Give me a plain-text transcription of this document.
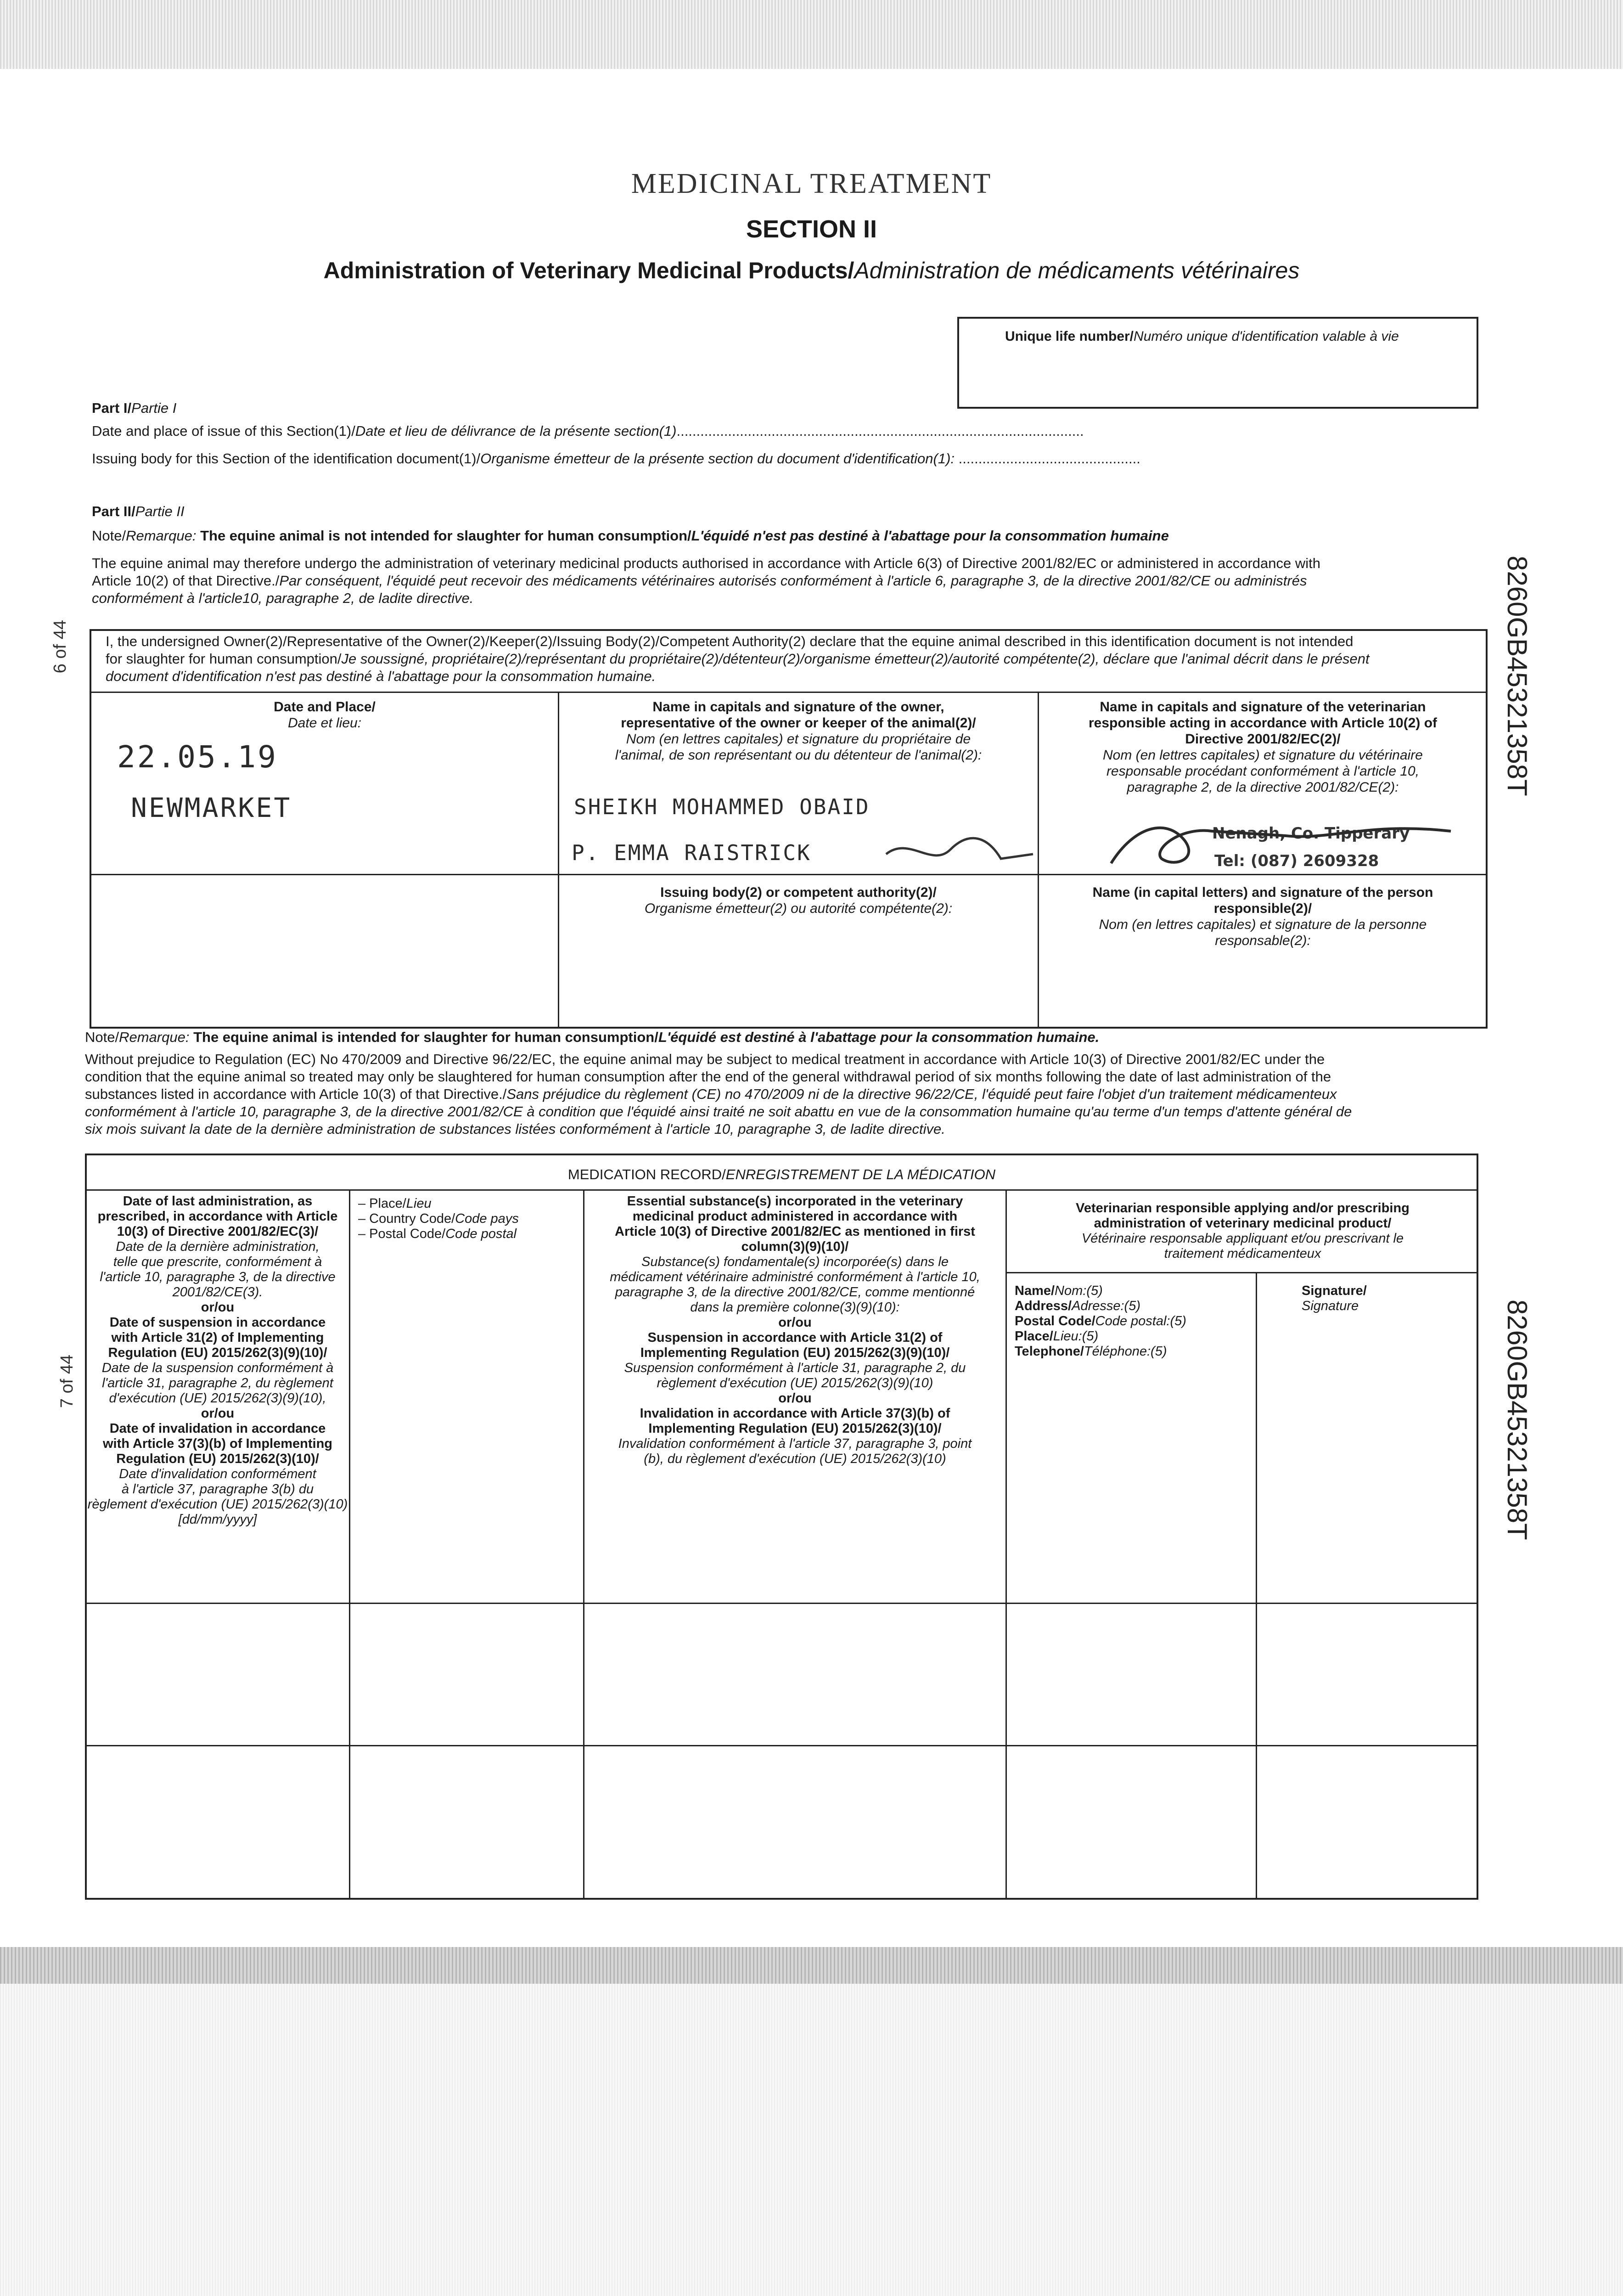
MEDICINAL TREATMENT
SECTION II
Administration of Veterinary Medicinal Products/Administration de médicaments vétérinaires
Unique life number/Numéro unique d'identification valable à vie
8260GB45321358T
8260GB45321358T
6 of 44
7 of 44
Part I/Partie I
Date and place of issue of this Section(1)/Date et lieu de délivrance de la présente section(1).......................................................................................................
Issuing body for this Section of the identification document(1)/Organisme émetteur de la présente section du document d'identification(1): ..............................................
Part II/Partie II
Note/Remarque: The equine animal is not intended for slaughter for human consumption/L'équidé n'est pas destiné à l'abattage pour la consommation humaine
The equine animal may therefore undergo the administration of veterinary medicinal products authorised in accordance with Article 6(3) of Directive 2001/82/EC or administered in accordance with
Article 10(2) of that Directive./Par conséquent, l'équidé peut recevoir des médicaments vétérinaires autorisés conformément à l'article 6, paragraphe 3, de la directive 2001/82/CE ou administrés
conformément à l'article10, paragraphe 2, de ladite directive.
I, the undersigned Owner(2)/Representative of the Owner(2)/Keeper(2)/Issuing Body(2)/Competent Authority(2) declare that the equine animal described in this identification document is not intended
for slaughter for human consumption/Je soussigné, propriétaire(2)/représentant du propriétaire(2)/détenteur(2)/organisme émetteur(2)/autorité compétente(2), déclare que l'animal décrit dans le présent
document d'identification n'est pas destiné à l'abattage pour la consommation humaine.
Date and Place/
Date et lieu:
Name in capitals and signature of the owner,
representative of the owner or keeper of the animal(2)/
Nom (en lettres capitales) et signature du propriétaire de
l'animal, de son représentant ou du détenteur de l'animal(2):
Name in capitals and signature of the veterinarian
responsible acting in accordance with Article 10(2) of
Directive 2001/82/EC(2)/
Nom (en lettres capitales) et signature du vétérinaire
responsable procédant conformément à l'article 10,
paragraphe 2, de la directive 2001/82/CE(2):
22.05.19
NEWMARKET	SHEIKH MOHAMMED OBAID
P. EMMA RAISTRICK
Nenagh, Co. Tipperary
Tel: (087) 2609328
Issuing body(2) or competent authority(2)/
Organisme émetteur(2) ou autorité compétente(2):
Name (in capital letters) and signature of the person
responsible(2)/
Nom (en lettres capitales) et signature de la personne
responsable(2):
Note/Remarque: The equine animal is intended for slaughter for human consumption/L'équidé est destiné à l'abattage pour la consommation humaine.
Without prejudice to Regulation (EC) No 470/2009 and Directive 96/22/EC, the equine animal may be subject to medical treatment in accordance with Article 10(3) of Directive 2001/82/EC under the
condition that the equine animal so treated may only be slaughtered for human consumption after the end of the general withdrawal period of six months following the date of last administration of the
substances listed in accordance with Article 10(3) of that Directive./Sans préjudice du règlement (CE) no 470/2009 ni de la directive 96/22/CE, l'équidé peut faire l'objet d'un traitement médicamenteux
conformément à l'article 10, paragraphe 3, de la directive 2001/82/CE à condition que l'équidé ainsi traité ne soit abattu en vue de la consommation humaine qu'au terme d'un temps d'attente général de
six mois suivant la date de la dernière administration de substances listées conformément à l'article 10, paragraphe 3, de ladite directive.
MEDICATION RECORD/ENREGISTREMENT DE LA MÉDICATION
Date of last administration, as
prescribed, in accordance with Article
10(3) of Directive 2001/82/EC(3)/
Date de la dernière administration,
telle que prescrite, conformément à
l'article 10, paragraphe 3, de la directive
2001/82/CE(3).
or/ou
Date of suspension in accordance
with Article 31(2) of Implementing
Regulation (EU) 2015/262(3)(9)(10)/
Date de la suspension conformément à
l'article 31, paragraphe 2, du règlement
d'exécution (UE) 2015/262(3)(9)(10),
or/ou
Date of invalidation in accordance
with Article 37(3)(b) of Implementing
Regulation (EU) 2015/262(3)(10)/
Date d'invalidation conformément
à l'article 37, paragraphe 3(b) du
règlement d'exécution (UE) 2015/262(3)(10)
[dd/mm/yyyy]
– Place/Lieu
– Country Code/Code pays
– Postal Code/Code postal
Essential substance(s) incorporated in the veterinary
medicinal product administered in accordance with
Article 10(3) of Directive 2001/82/EC as mentioned in first
column(3)(9)(10)/
Substance(s) fondamentale(s) incorporée(s) dans le
médicament vétérinaire administré conformément à l'article 10,
paragraphe 3, de la directive 2001/82/CE, comme mentionné
dans la première colonne(3)(9)(10):
or/ou
Suspension in accordance with Article 31(2) of
Implementing Regulation (EU) 2015/262(3)(9)(10)/
Suspension conformément à l'article 31, paragraphe 2, du
règlement d'exécution (UE) 2015/262(3)(9)(10)
or/ou
Invalidation in accordance with Article 37(3)(b) of
Implementing Regulation (EU) 2015/262(3)(10)/
Invalidation conformément à l'article 37, paragraphe 3, point
(b), du règlement d'exécution (UE) 2015/262(3)(10)
Veterinarian responsible applying and/or prescribing
administration of veterinary medicinal product/
Vétérinaire responsable appliquant et/ou prescrivant le
traitement médicamenteux
Name/Nom:(5)
Address/Adresse:(5)
Postal Code/Code postal:(5)
Place/Lieu:(5)
Telephone/Téléphone:(5)
Signature/
Signature
